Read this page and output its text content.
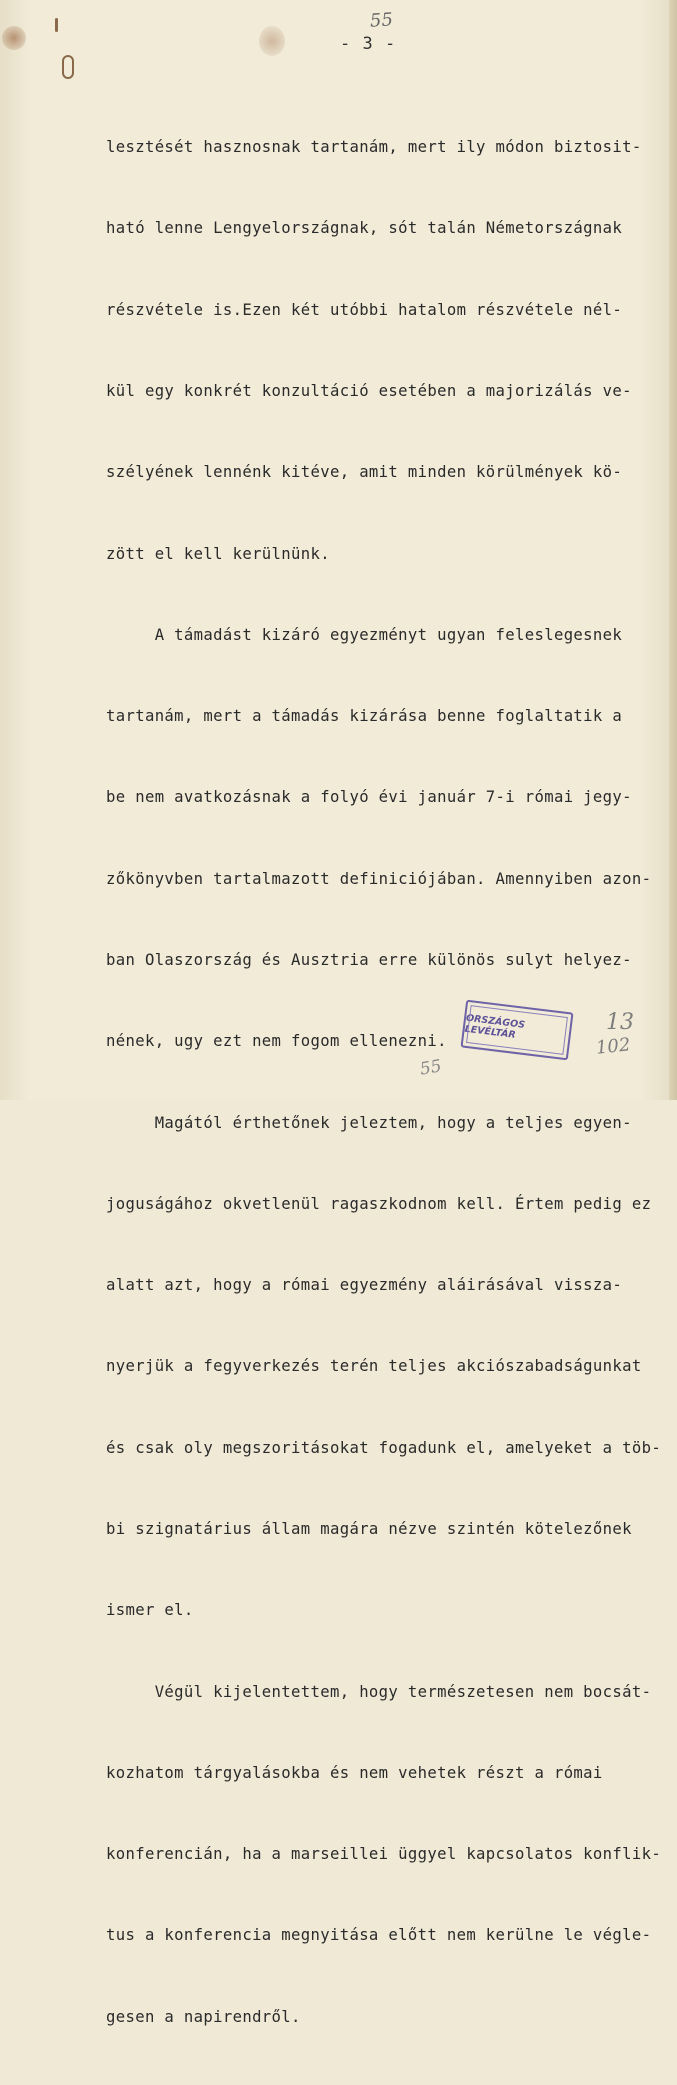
55
- 3 -

lesztését hasznosnak tartanám, mert ily módon biztosit-

ható lenne Lengyelországnak, sót talán Németországnak

részvétele is.Ezen két utóbbi hatalom részvétele nél-

kül egy konkrét konzultáció esetében a majorizálás ve-

szélyének lennénk kitéve, amit minden körülmények kö-

zött el kell kerülnünk.

A támadást kizáró egyezményt ugyan feleslegesnek

tartanám, mert a támadás kizárása benne foglaltatik a

be nem avatkozásnak a folyó évi január 7-i római jegy-

zőkönyvben tartalmazott definiciójában. Amennyiben azon-

ban Olaszország és Ausztria erre különös sulyt helyez-

nének, ugy ezt nem fogom ellenezni.

Magától érthetőnek jeleztem, hogy a teljes egyen-

joguságához okvetlenül ragaszkodnom kell. Értem pedig ez

alatt azt, hogy a római egyezmény aláirásával vissza-

nyerjük a fegyverkezés terén teljes akciószabadságunkat

és csak oly megszoritásokat fogadunk el, amelyeket a töb-

bi szignatárius állam magára nézve szintén kötelezőnek

ismer el.

Végül kijelentettem, hogy természetesen nem bocsát-

kozhatom tárgyalásokba és nem vehetek részt a római

konferencián, ha a marseillei üggyel kapcsolatos konflik-

tus a konferencia megnyitása előtt nem kerülne le végle-

gesen a napirendről.

ORSZÁGOS LEVÉLTÁR	13
102
55
